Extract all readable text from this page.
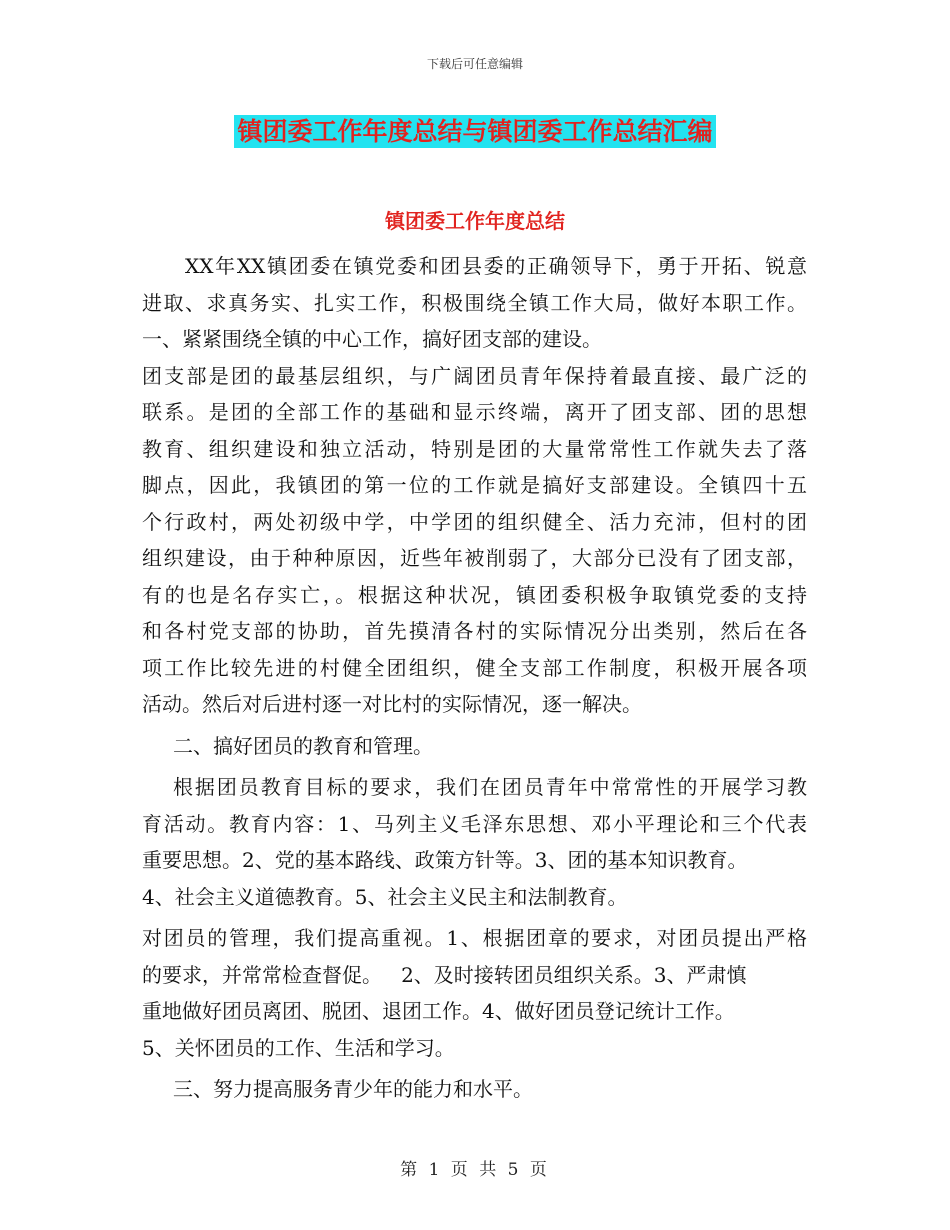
下载后可任意编辑
镇团委工作年度总结与镇团委工作总结汇编
镇团委工作年度总结
XX年XX镇团委在镇党委和团县委的正确领导下，勇于开拓、锐意
进取、求真务实、扎实工作，积极围绕全镇工作大局，做好本职工作。
一、紧紧围绕全镇的中心工作，搞好团支部的建设。
团支部是团的最基层组织，与广阔团员青年保持着最直接、最广泛的
联系。是团的全部工作的基础和显示终端，离开了团支部、团的思想
教育、组织建设和独立活动，特别是团的大量常常性工作就失去了落
脚点，因此，我镇团的第一位的工作就是搞好支部建设。全镇四十五
个行政村，两处初级中学，中学团的组织健全、活力充沛，但村的团
组织建设，由于种种原因，近些年被削弱了，大部分已没有了团支部，
有的也是名存实亡，。根据这种状况，镇团委积极争取镇党委的支持
和各村党支部的协助，首先摸清各村的实际情况分出类别，然后在各
项工作比较先进的村健全团组织，健全支部工作制度，积极开展各项
活动。然后对后进村逐一对比村的实际情况，逐一解决。
二、搞好团员的教育和管理。
根据团员教育目标的要求，我们在团员青年中常常性的开展学习教
育活动。教育内容：1、马列主义毛泽东思想、邓小平理论和三个代表
重要思想。2、党的基本路线、政策方针等。3、团的基本知识教育。
4、社会主义道德教育。5、社会主义民主和法制教育。
对团员的管理，我们提高重视。1、根据团章的要求，对团员提出严格
的要求，并常常检查督促。   2、及时接转团员组织关系。3、严肃慎
重地做好团员离团、脱团、退团工作。4、做好团员登记统计工作。
5、关怀团员的工作、生活和学习。
三、努力提高服务青少年的能力和水平。
第 1 页 共 5 页
